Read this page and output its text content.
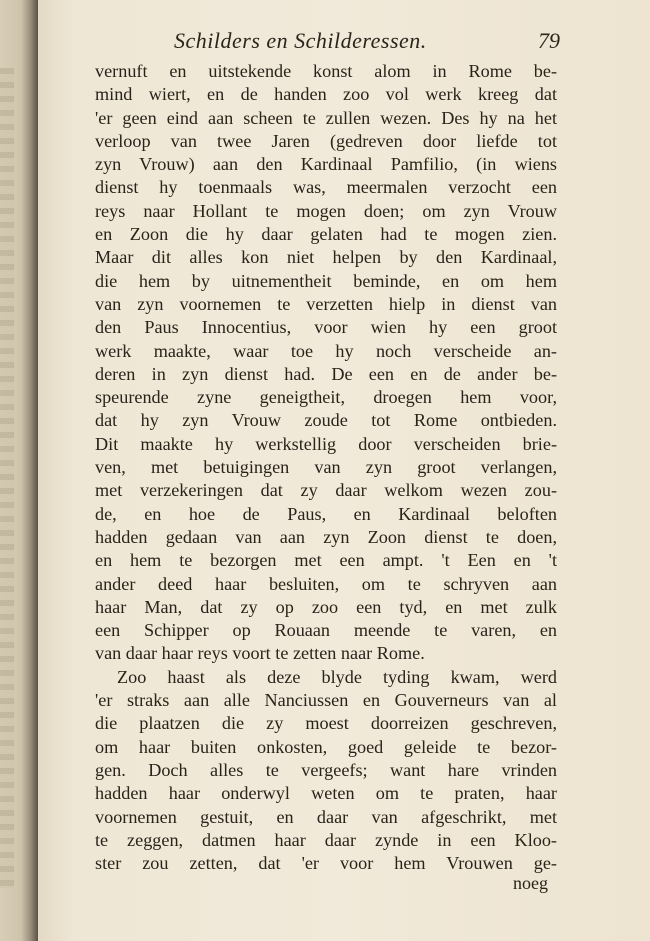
Schilders en Schilderessen.	79
vernuft en uitstekende konst alom in Rome be-
mind wiert, en de handen zoo vol werk kreeg dat
'er geen eind aan scheen te zullen wezen. Des hy na het
verloop van twee Jaren (gedreven door liefde tot
zyn Vrouw) aan den Kardinaal Pamfilio, (in wiens
dienst hy toenmaals was, meermalen verzocht een
reys naar Hollant te mogen doen; om zyn Vrouw
en Zoon die hy daar gelaten had te mogen zien.
Maar dit alles kon niet helpen by den Kardinaal,
die hem by uitnementheit beminde, en om hem
van zyn voornemen te verzetten hielp in dienst van
den Paus Innocentius, voor wien hy een groot
werk maakte, waar toe hy noch verscheide an-
deren in zyn dienst had. De een en de ander be-
speurende zyne geneigtheit, droegen hem voor,
dat hy zyn Vrouw zoude tot Rome ontbieden.
Dit maakte hy werkstellig door verscheiden brie-
ven, met betuigingen van zyn groot verlangen,
met verzekeringen dat zy daar welkom wezen zou-
de, en hoe de Paus, en Kardinaal beloften
hadden gedaan van aan zyn Zoon dienst te doen,
en hem te bezorgen met een ampt. 't Een en 't
ander deed haar besluiten, om te schryven aan
haar Man, dat zy op zoo een tyd, en met zulk
een Schipper op Rouaan meende te varen, en
van daar haar reys voort te zetten naar Rome.
Zoo haast als deze blyde tyding kwam, werd
'er straks aan alle Nanciussen en Gouverneurs van al
die plaatzen die zy moest doorreizen geschreven,
om haar buiten onkosten, goed geleide te bezor-
gen. Doch alles te vergeefs; want hare vrinden
hadden haar onderwyl weten om te praten, haar
voornemen gestuit, en daar van afgeschrikt, met
te zeggen, datmen haar daar zynde in een Kloo-
ster zou zetten, dat 'er voor hem Vrouwen ge-
noeg
